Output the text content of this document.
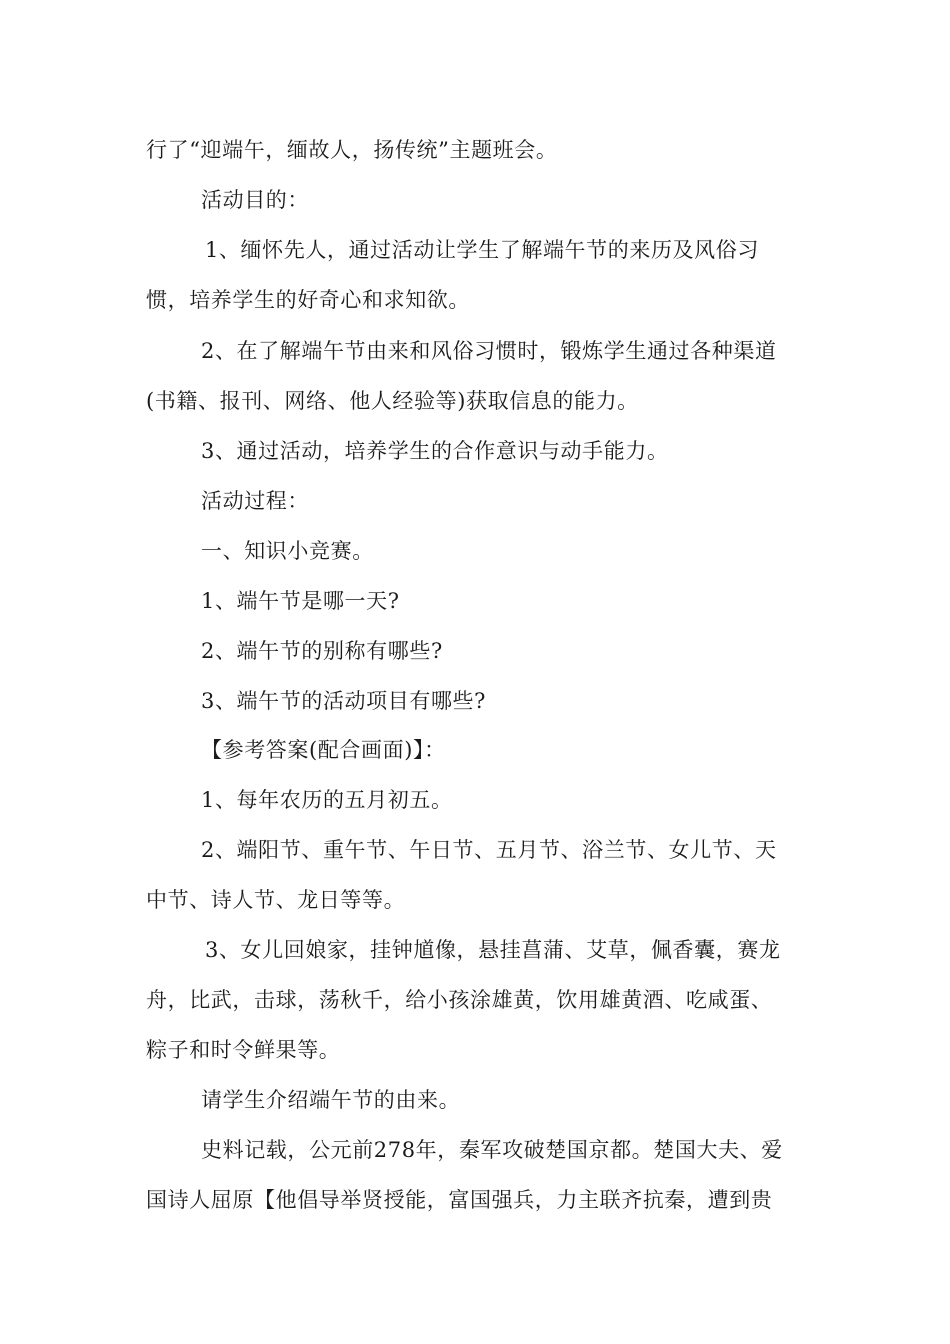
行了“迎端午，缅故人，扬传统”主题班会。
活动目的：
1、缅怀先人，通过活动让学生了解端午节的来历及风俗习
惯，培养学生的好奇心和求知欲。
2、在了解端午节由来和风俗习惯时，锻炼学生通过各种渠道
(书籍、报刊、网络、他人经验等)获取信息的能力。
3、通过活动，培养学生的合作意识与动手能力。
活动过程：
一、知识小竞赛。
1、端午节是哪一天?
2、端午节的别称有哪些?
3、端午节的活动项目有哪些?
【参考答案(配合画面)】：
1、每年农历的五月初五。
2、端阳节、重午节、午日节、五月节、浴兰节、女儿节、天
中节、诗人节、龙日等等。
3、女儿回娘家，挂钟馗像，悬挂菖蒲、艾草，佩香囊，赛龙
舟，比武，击球，荡秋千，给小孩涂雄黄，饮用雄黄酒、吃咸蛋、
粽子和时令鲜果等。
请学生介绍端午节的由来。
史料记载，公元前278年，秦军攻破楚国京都。楚国大夫、爱
国诗人屈原【他倡导举贤授能，富国强兵，力主联齐抗秦，遭到贵
